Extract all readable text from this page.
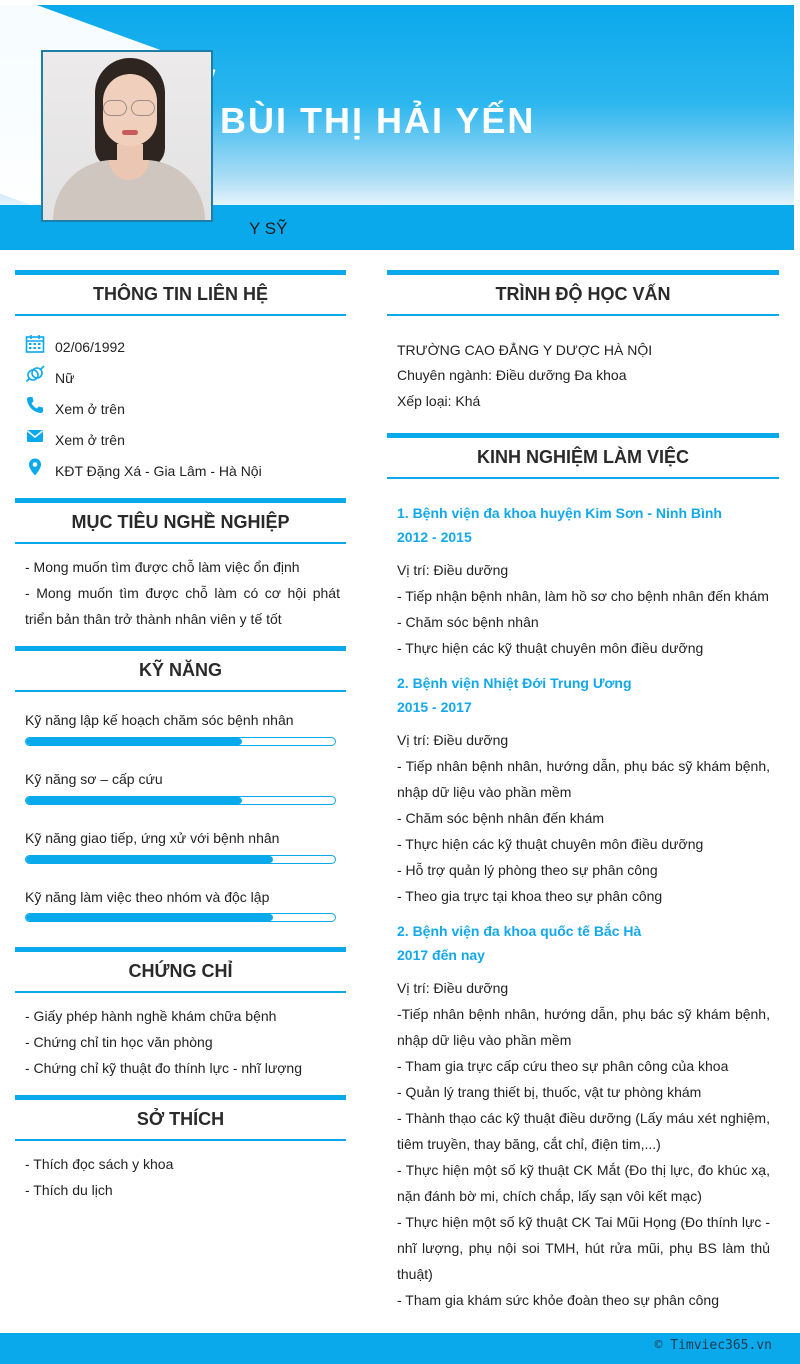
BÙI THỊ HẢI YẾN
Y SỸ
THÔNG TIN LIÊN HỆ
02/06/1992
Nữ
Xem ở trên
Xem ở trên
KĐT Đặng Xá - Gia Lâm - Hà Nội
MỤC TIÊU NGHỀ NGHIỆP
- Mong muốn tìm được chỗ làm việc ổn định
- Mong muốn tìm được chỗ làm có cơ hội phát
triển bản thân trở thành nhân viên y tế tốt
KỸ NĂNG
Kỹ năng lập kế hoạch chăm sóc bệnh nhân
Kỹ năng sơ – cấp cứu
Kỹ năng giao tiếp, ứng xử với bệnh nhân
Kỹ năng làm việc theo nhóm và độc lập
CHỨNG CHỈ
- Giấy phép hành nghề khám chữa bệnh
- Chứng chỉ tin học văn phòng
- Chứng chỉ kỹ thuật đo thính lực - nhĩ lượng
SỞ THÍCH
- Thích đọc sách y khoa
- Thích du lịch
TRÌNH ĐỘ HỌC VẤN
TRƯỜNG CAO ĐẲNG Y DƯỢC HÀ NỘI
Chuyên ngành: Điều dưỡng Đa khoa
Xếp loại: Khá
KINH NGHIỆM LÀM VIỆC
1. Bệnh viện đa khoa huyện Kim Sơn - Ninh Bình
2012 - 2015
Vị trí: Điều dưỡng
- Tiếp nhận bệnh nhân, làm hồ sơ cho bệnh nhân đến khám
- Chăm sóc bệnh nhân
- Thực hiện các kỹ thuật chuyên môn điều dưỡng
2. Bệnh viện Nhiệt Đới Trung Ương
2015 - 2017
Vị trí: Điều dưỡng
- Tiếp nhân bệnh nhân, hướng dẫn, phụ bác sỹ khám bệnh,
nhập dữ liệu vào phần mềm
- Chăm sóc bệnh nhân đến khám
- Thực hiện các kỹ thuật chuyên môn điều dưỡng
- Hỗ trợ quản lý phòng theo sự phân công
- Theo gia trực tại khoa theo sự phân công
2. Bệnh viện đa khoa quốc tế Bắc Hà
2017 đến nay
Vị trí: Điều dưỡng
-Tiếp nhân bệnh nhân, hướng dẫn, phụ bác sỹ khám bệnh,
nhập dữ liệu vào phần mềm
- Tham gia trực cấp cứu theo sự phân công của khoa
- Quản lý trang thiết bị, thuốc, vật tư phòng khám
- Thành thạo các kỹ thuật điều dưỡng (Lấy máu xét nghiệm,
tiêm truyền, thay băng, cắt chỉ, điện tim,...)
- Thực hiện một số kỹ thuật CK Mắt (Đo thị lực, đo khúc xạ,
nặn đánh bờ mi, chích chắp, lấy sạn vôi kết mạc)
- Thực hiện một số kỹ thuật CK Tai Mũi Họng (Đo thính lực -
nhĩ lượng, phụ nội soi TMH, hút rửa mũi, phụ BS làm thủ
thuật)
- Tham gia khám sức khỏe đoàn theo sự phân công
© Timviec365.vn
